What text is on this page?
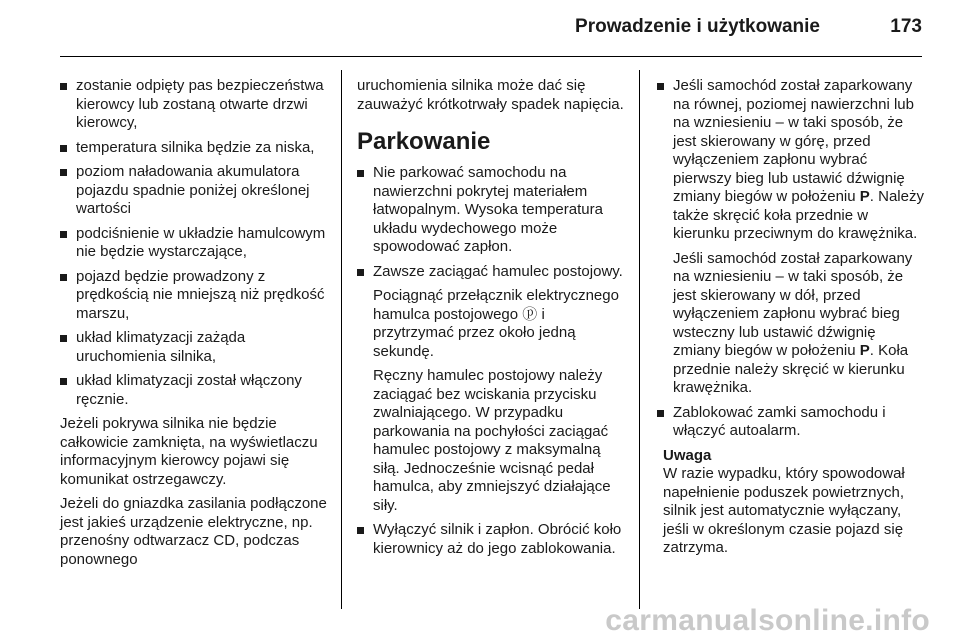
Prowadzenie i użytkowanie	173
zostanie odpięty pas bezpieczeństwa kierowcy lub zostaną otwarte drzwi kierowcy,
temperatura silnika będzie za niska,
poziom naładowania akumulatora pojazdu spadnie poniżej określonej wartości
podciśnienie w układzie hamulcowym nie będzie wystarczające,
pojazd będzie prowadzony z prędkością nie mniejszą niż prędkość marszu,
układ klimatyzacji zażąda uruchomienia silnika,
układ klimatyzacji został włączony ręcznie.

Jeżeli pokrywa silnika nie będzie całkowicie zamknięta, na wyświetlaczu informacyjnym kierowcy pojawi się komunikat ostrzegawczy.

Jeżeli do gniazdka zasilania podłączone jest jakieś urządzenie elektryczne, np. przenośny odtwarzacz CD, podczas ponownego

uruchomienia silnika może dać się zauważyć krótkotrwały spadek napięcia.

Parkowanie
Nie parkować samochodu na nawierzchni pokrytej materiałem łatwopalnym. Wysoka temperatura układu wydechowego może spowodować zapłon.
Zawsze zaciągać hamulec postojowy.

Pociągnąć przełącznik elektrycznego hamulca postojowego ⓟ i przytrzymać przez około jedną sekundę.

Ręczny hamulec postojowy należy zaciągać bez wciskania przycisku zwalniającego. W przypadku parkowania na pochyłości zaciągać hamulec postojowy z maksymalną siłą. Jednocześnie wcisnąć pedał hamulca, aby zmniejszyć działające siły.

Wyłączyć silnik i zapłon. Obrócić koło kierownicy aż do jego zablokowania.
Jeśli samochód został zaparkowany na równej, poziomej nawierzchni lub na wzniesieniu – w taki sposób, że jest skierowany w górę, przed wyłączeniem zapłonu wybrać pierwszy bieg lub ustawić dźwignię zmiany biegów w położeniu P. Należy także skręcić koła przednie w kierunku przeciwnym do krawężnika.

Jeśli samochód został zaparkowany na wzniesieniu – w taki sposób, że jest skierowany w dół, przed wyłączeniem zapłonu wybrać bieg wsteczny lub ustawić dźwignię zmiany biegów w położeniu P. Koła przednie należy skręcić w kierunku krawężnika.

Zablokować zamki samochodu i włączyć autoalarm.
Uwaga
W razie wypadku, który spowodował napełnienie poduszek powietrznych, silnik jest automatycznie wyłączany, jeśli w określonym czasie pojazd się zatrzyma.
carmanualsonline.info
